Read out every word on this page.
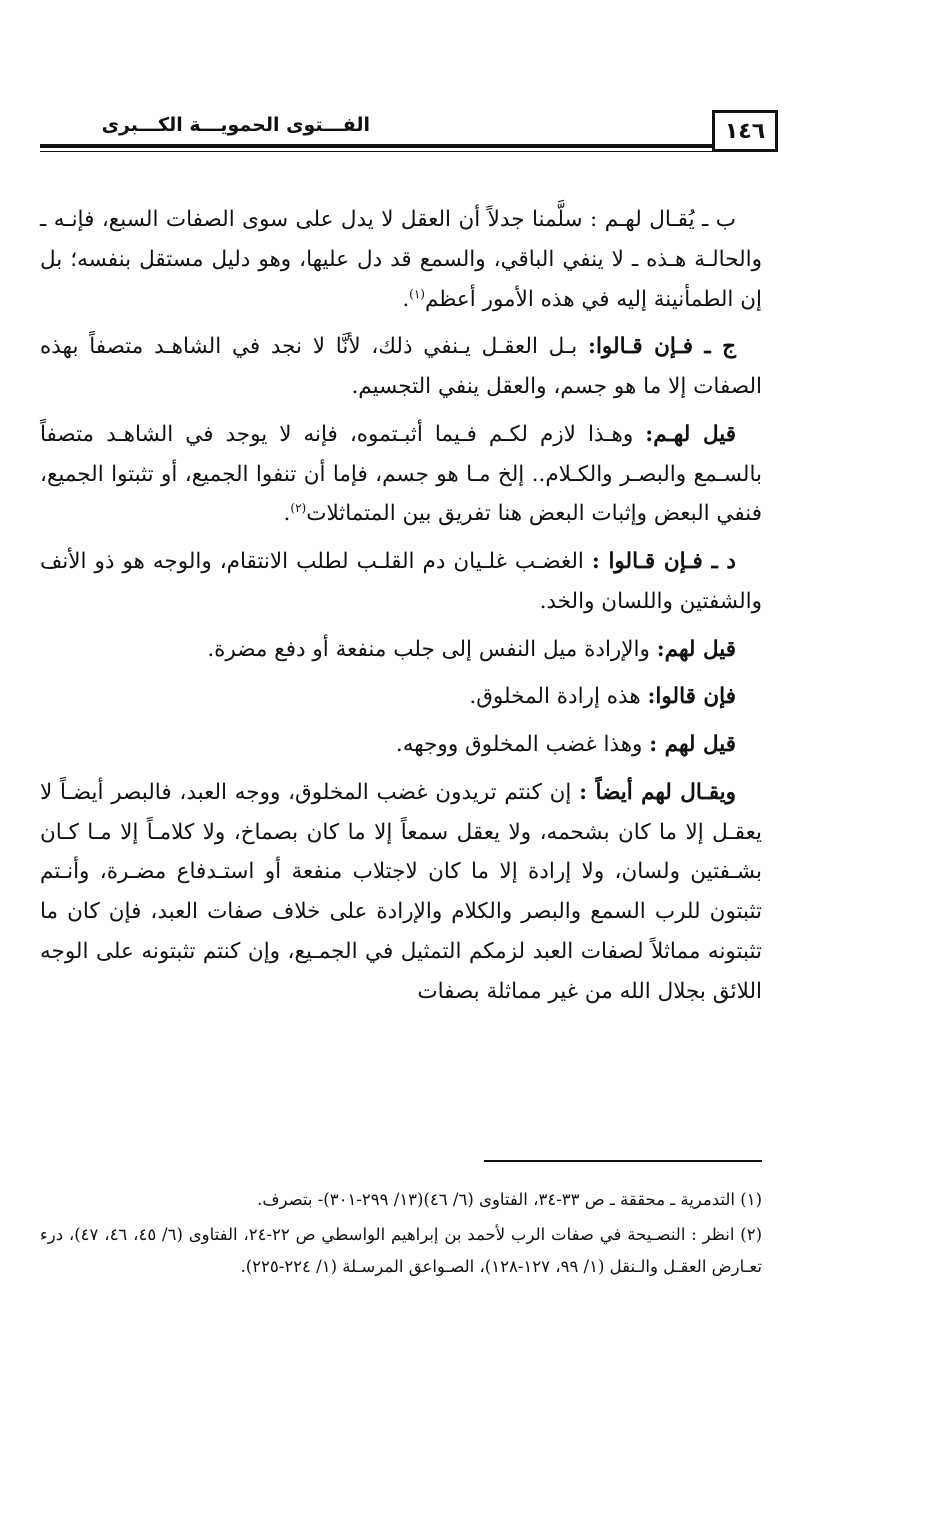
١٤٦
الفـــتوى الحمويـــة الكـــبرى

ب ـ يُقـال لهـم : سلَّمنا جدلاً أن العقل لا يدل على سوى الصفات السبع، فإنـه ـ والحالـة هـذه ـ لا ينفي الباقي، والسمع قد دل عليها، وهو دليل مستقل بنفسه؛ بل إن الطمأنينة إليه في هذه الأمور أعظم$^{(١)}$.

ج ـ فـإن قـالوا: بـل العقـل يـنفي ذلك، لأنَّا لا نجد في الشاهـد متصفاً بهذه الصفات إلا ما هو جسم، والعقل ينفي التجسيم.

قيل لهـم: وهـذا لازم لكـم فـيما أثبـتموه، فإنه لا يوجد في الشاهـد متصفاً بالسـمع والبصـر والكـلام.. إلخ مـا هو جسم، فإما أن تنفوا الجميع، أو تثبتوا الجميع، فنفي البعض وإثبات البعض هنا تفريق بين المتماثلات$^{(٢)}$.

د ـ فـإن قـالوا : الغضـب غلـيان دم القلـب لطلب الانتقام، والوجه هو ذو الأنف والشفتين واللسان والخد.

قيل لهم: والإرادة ميل النفس إلى جلب منفعة أو دفع مضرة.

فإن قالوا: هذه إرادة المخلوق.

قيل لهم : وهذا غضب المخلوق ووجهه.

ويقـال لهم أيضاً : إن كنتم تريدون غضب المخلوق، ووجه العبد، فالبصر أيضـاً لا يعقـل إلا ما كان بشحمه، ولا يعقل سمعاً إلا ما كان بصماخ، ولا كلامـاً إلا مـا كـان بشـفتين ولسان، ولا إرادة إلا ما كان لاجتلاب منفعة أو استـدفاع مضـرة، وأنـتم تثبتون للرب السمع والبصر والكلام والإرادة على خلاف صفات العبد، فإن كان ما تثبتونه مماثلاً لصفات العبد لزمكم التمثيل في الجمـيع، وإن كنتم تثبتونه على الوجه اللائق بجلال الله من غير مماثلة بصفات

(١) التدمرية ـ محققة ـ ص ٣٣-٣٤، الفتاوى (٦/ ٤٦)(١٣/ ٢٩٩-٣٠١)- بتصرف.

(٢) انظر : النصـيحة في صفات الرب لأحمد بن إبراهيم الواسطي ص ٢٢-٢٤، الفتاوى (٦/ ٤٥، ٤٦، ٤٧)، درء تعـارض العقـل والـنقل (١/ ٩٩، ١٢٧-١٢٨)، الصـواعق المرسـلة (١/ ٢٢٤-٢٢٥).
